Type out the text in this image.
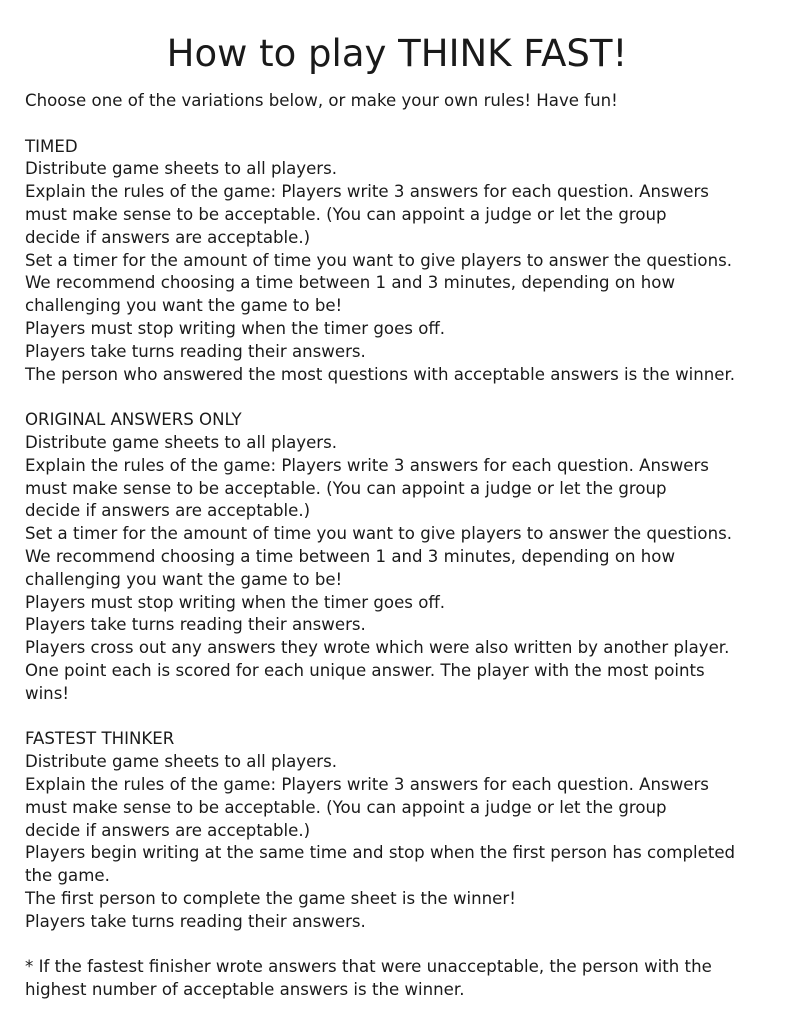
How to play THINK FAST!
Choose one of the variations below, or make your own rules! Have fun!
TIMED
Distribute game sheets to all players.
Explain the rules of the game: Players write 3 answers for each question. Answers
must make sense to be acceptable. (You can appoint a judge or let the group
decide if answers are acceptable.)
Set a timer for the amount of time you want to give players to answer the questions.
We recommend choosing a time between 1 and 3 minutes, depending on how
challenging you want the game to be!
Players must stop writing when the timer goes off.
Players take turns reading their answers.
The person who answered the most questions with acceptable answers is the winner.
ORIGINAL ANSWERS ONLY
Distribute game sheets to all players.
Explain the rules of the game: Players write 3 answers for each question. Answers
must make sense to be acceptable. (You can appoint a judge or let the group
decide if answers are acceptable.)
Set a timer for the amount of time you want to give players to answer the questions.
We recommend choosing a time between 1 and 3 minutes, depending on how
challenging you want the game to be!
Players must stop writing when the timer goes off.
Players take turns reading their answers.
Players cross out any answers they wrote which were also written by another player.
One point each is scored for each unique answer. The player with the most points
wins!
FASTEST THINKER
Distribute game sheets to all players.
Explain the rules of the game: Players write 3 answers for each question. Answers
must make sense to be acceptable. (You can appoint a judge or let the group
decide if answers are acceptable.)
Players begin writing at the same time and stop when the first person has completed
the game.
The first person to complete the game sheet is the winner!
Players take turns reading their answers.
* If the fastest finisher wrote answers that were unacceptable, the person with the
highest number of acceptable answers is the winner.
